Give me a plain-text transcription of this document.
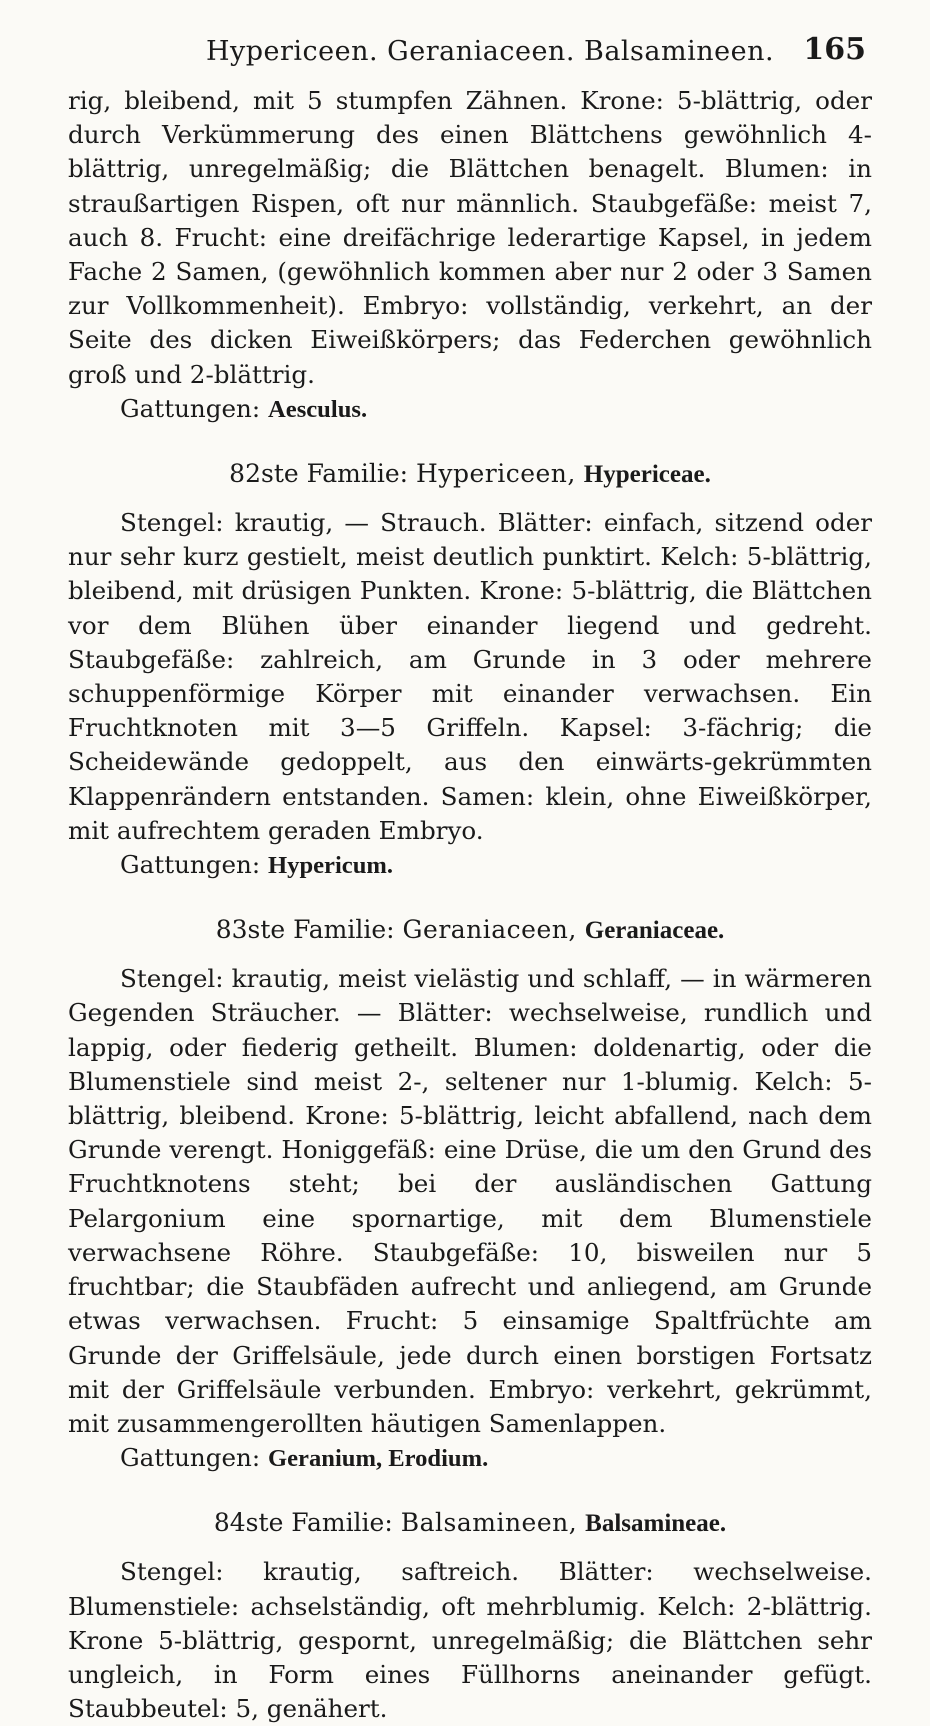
Hypericeen. Geraniaceen. Balsamineen. 165

rig, bleibend, mit 5 stumpfen Zähnen. Krone: 5-blättrig, oder durch Verkümmerung des einen Blättchens gewöhnlich 4-blättrig, unregelmäßig; die Blättchen benagelt. Blumen: in straußartigen Rispen, oft nur männlich. Staubgefäße: meist 7, auch 8. Frucht: eine dreifächrige lederartige Kapsel, in jedem Fache 2 Samen, (gewöhnlich kommen aber nur 2 oder 3 Samen zur Vollkommenheit). Embryo: vollständig, verkehrt, an der Seite des dicken Eiweißkörpers; das Federchen gewöhnlich groß und 2-blättrig.

Gattungen: Aesculus.

82ste Familie: Hypericeen, Hypericeae.

Stengel: krautig, — Strauch. Blätter: einfach, sitzend oder nur sehr kurz gestielt, meist deutlich punktirt. Kelch: 5-blättrig, bleibend, mit drüsigen Punkten. Krone: 5-blättrig, die Blättchen vor dem Blühen über einander liegend und gedreht. Staubgefäße: zahlreich, am Grunde in 3 oder mehrere schuppenförmige Körper mit einander verwachsen. Ein Fruchtknoten mit 3—5 Griffeln. Kapsel: 3-fächrig; die Scheidewände gedoppelt, aus den einwärts-gekrümmten Klappenrändern entstanden. Samen: klein, ohne Eiweißkörper, mit aufrechtem geraden Embryo.

Gattungen: Hypericum.

83ste Familie: Geraniaceen, Geraniaceae.

Stengel: krautig, meist vielästig und schlaff, — in wärmeren Gegenden Sträucher. — Blätter: wechselweise, rundlich und lappig, oder fiederig getheilt. Blumen: doldenartig, oder die Blumenstiele sind meist 2-, seltener nur 1-blumig. Kelch: 5-blättrig, bleibend. Krone: 5-blättrig, leicht abfallend, nach dem Grunde verengt. Honiggefäß: eine Drüse, die um den Grund des Fruchtknotens steht; bei der ausländischen Gattung Pelargonium eine spornartige, mit dem Blumenstiele verwachsene Röhre. Staubgefäße: 10, bisweilen nur 5 fruchtbar; die Staubfäden aufrecht und anliegend, am Grunde etwas verwachsen. Frucht: 5 einsamige Spaltfrüchte am Grunde der Griffelsäule, jede durch einen borstigen Fortsatz mit der Griffelsäule verbunden. Embryo: verkehrt, gekrümmt, mit zusammengerollten häutigen Samenlappen.

Gattungen: Geranium, Erodium.

84ste Familie: Balsamineen, Balsamineae.

Stengel: krautig, saftreich. Blätter: wechselweise. Blumenstiele: achselständig, oft mehrblumig. Kelch: 2-blättrig. Krone 5-blättrig, gespornt, unregelmäßig; die Blättchen sehr ungleich, in Form eines Füllhorns aneinander gefügt. Staubbeutel: 5, genähert.
